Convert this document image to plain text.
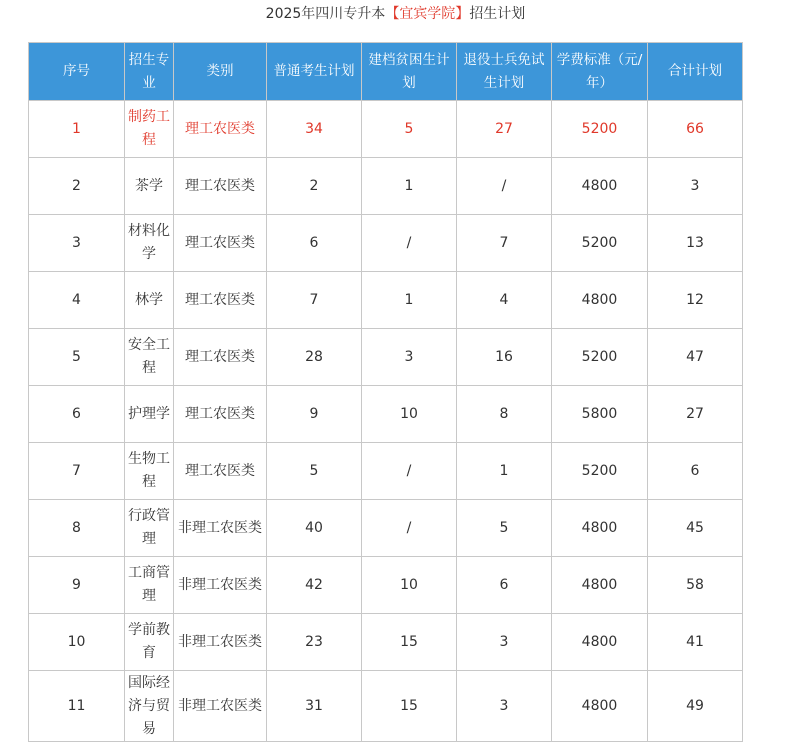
2025年四川专升本【宜宾学院】招生计划
序号	招生专业	类别	普通考生计划	建档贫困生计划	退役士兵免试生计划	学费标准（元/年）	合计计划
1	制药工程	理工农医类	34	5	27	5200	66
2	茶学	理工农医类	2	1	/	4800	3
3	材料化学	理工农医类	6	/	7	5200	13
4	林学	理工农医类	7	1	4	4800	12
5	安全工程	理工农医类	28	3	16	5200	47
6	护理学	理工农医类	9	10	8	5800	27
7	生物工程	理工农医类	5	/	1	5200	6
8	行政管理	非理工农医类	40	/	5	4800	45
9	工商管理	非理工农医类	42	10	6	4800	58
10	学前教育	非理工农医类	23	15	3	4800	41
11	国际经济与贸易	非理工农医类	31	15	3	4800	49
